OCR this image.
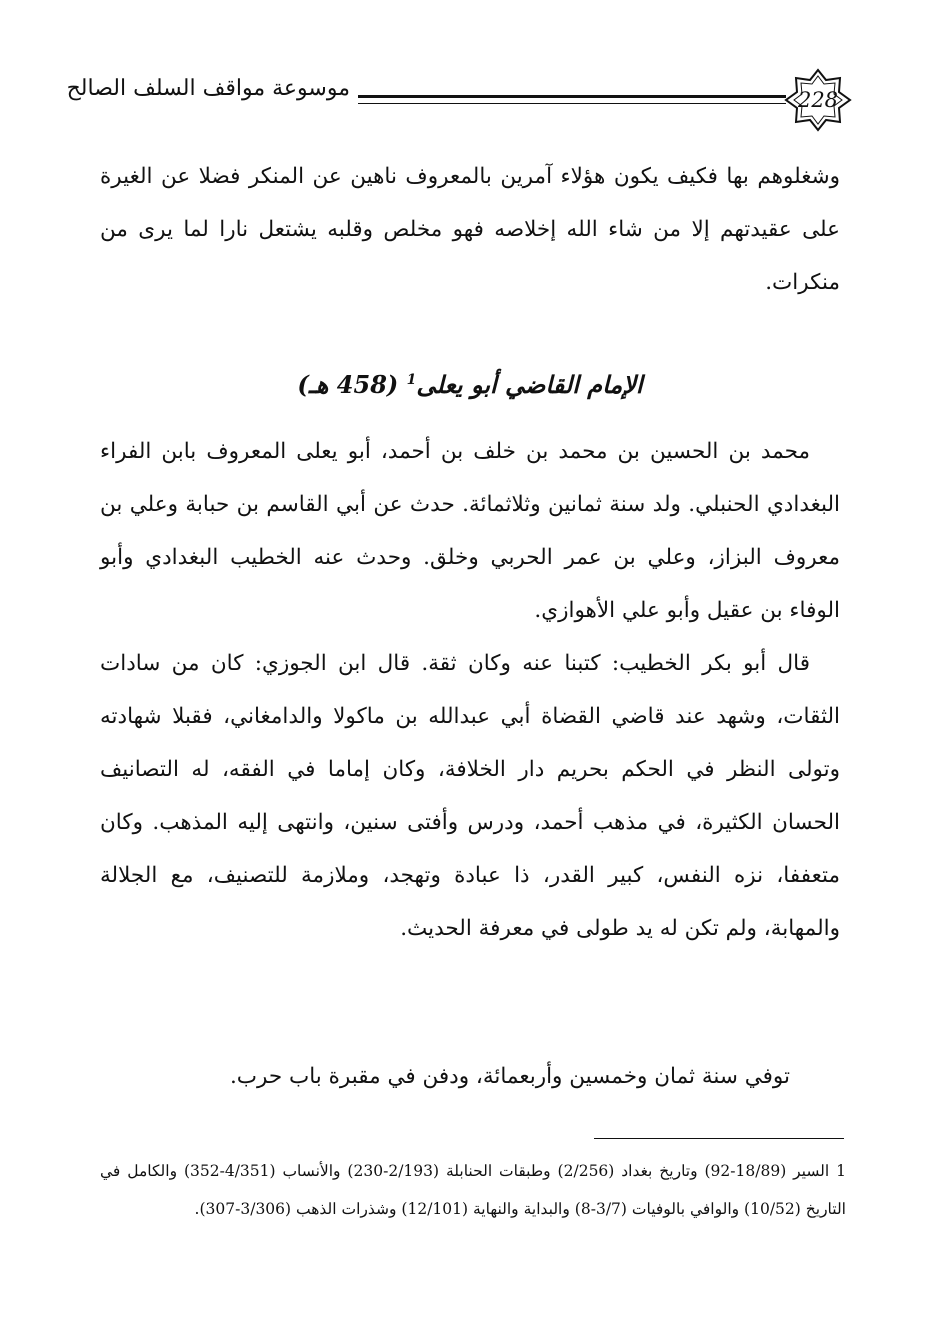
228
موسوعة مواقف السلف الصالح

وشغلوهم بها فكيف يكون هؤلاء آمرين بالمعروف ناهين عن المنكر فضلا عن الغيرة على عقيدتهم إلا من شاء الله إخلاصه فهو مخلص وقلبه يشتعل نارا لما يرى من منكرات.

الإمام القاضي أبو يعلى$^1$ (458 هـ)

محمد بن الحسين بن محمد بن خلف بن أحمد، أبو يعلى المعروف بابن الفراء البغدادي الحنبلي. ولد سنة ثمانين وثلاثمائة. حدث عن أبي القاسم بن حبابة وعلي بن معروف البزاز، وعلي بن عمر الحربي وخلق. وحدث عنه الخطيب البغدادي وأبو الوفاء بن عقيل وأبو علي الأهوازي.

قال أبو بكر الخطيب: كتبنا عنه وكان ثقة. قال ابن الجوزي: كان من سادات الثقات، وشهد عند قاضي القضاة أبي عبدالله بن ماكولا والدامغاني، فقبلا شهادته وتولى النظر في الحكم بحريم دار الخلافة، وكان إماما في الفقه، له التصانيف الحسان الكثيرة، في مذهب أحمد، ودرس وأفتى سنين، وانتهى إليه المذهب. وكان متعففا، نزه النفس، كبير القدر، ذا عبادة وتهجد، وملازمة للتصنيف، مع الجلالة والمهابة، ولم تكن له يد طولى في معرفة الحديث.

توفي سنة ثمان وخمسين وأربعمائة، ودفن في مقبرة باب حرب.

1 السير (18/89-92) وتاريخ بغداد (2/256) وطبقات الحنابلة (2/193-230) والأنساب (4/351-352) والكامل في التاريخ (10/52) والوافي بالوفيات (3/7-8) والبداية والنهاية (12/101) وشذرات الذهب (3/306-307).
